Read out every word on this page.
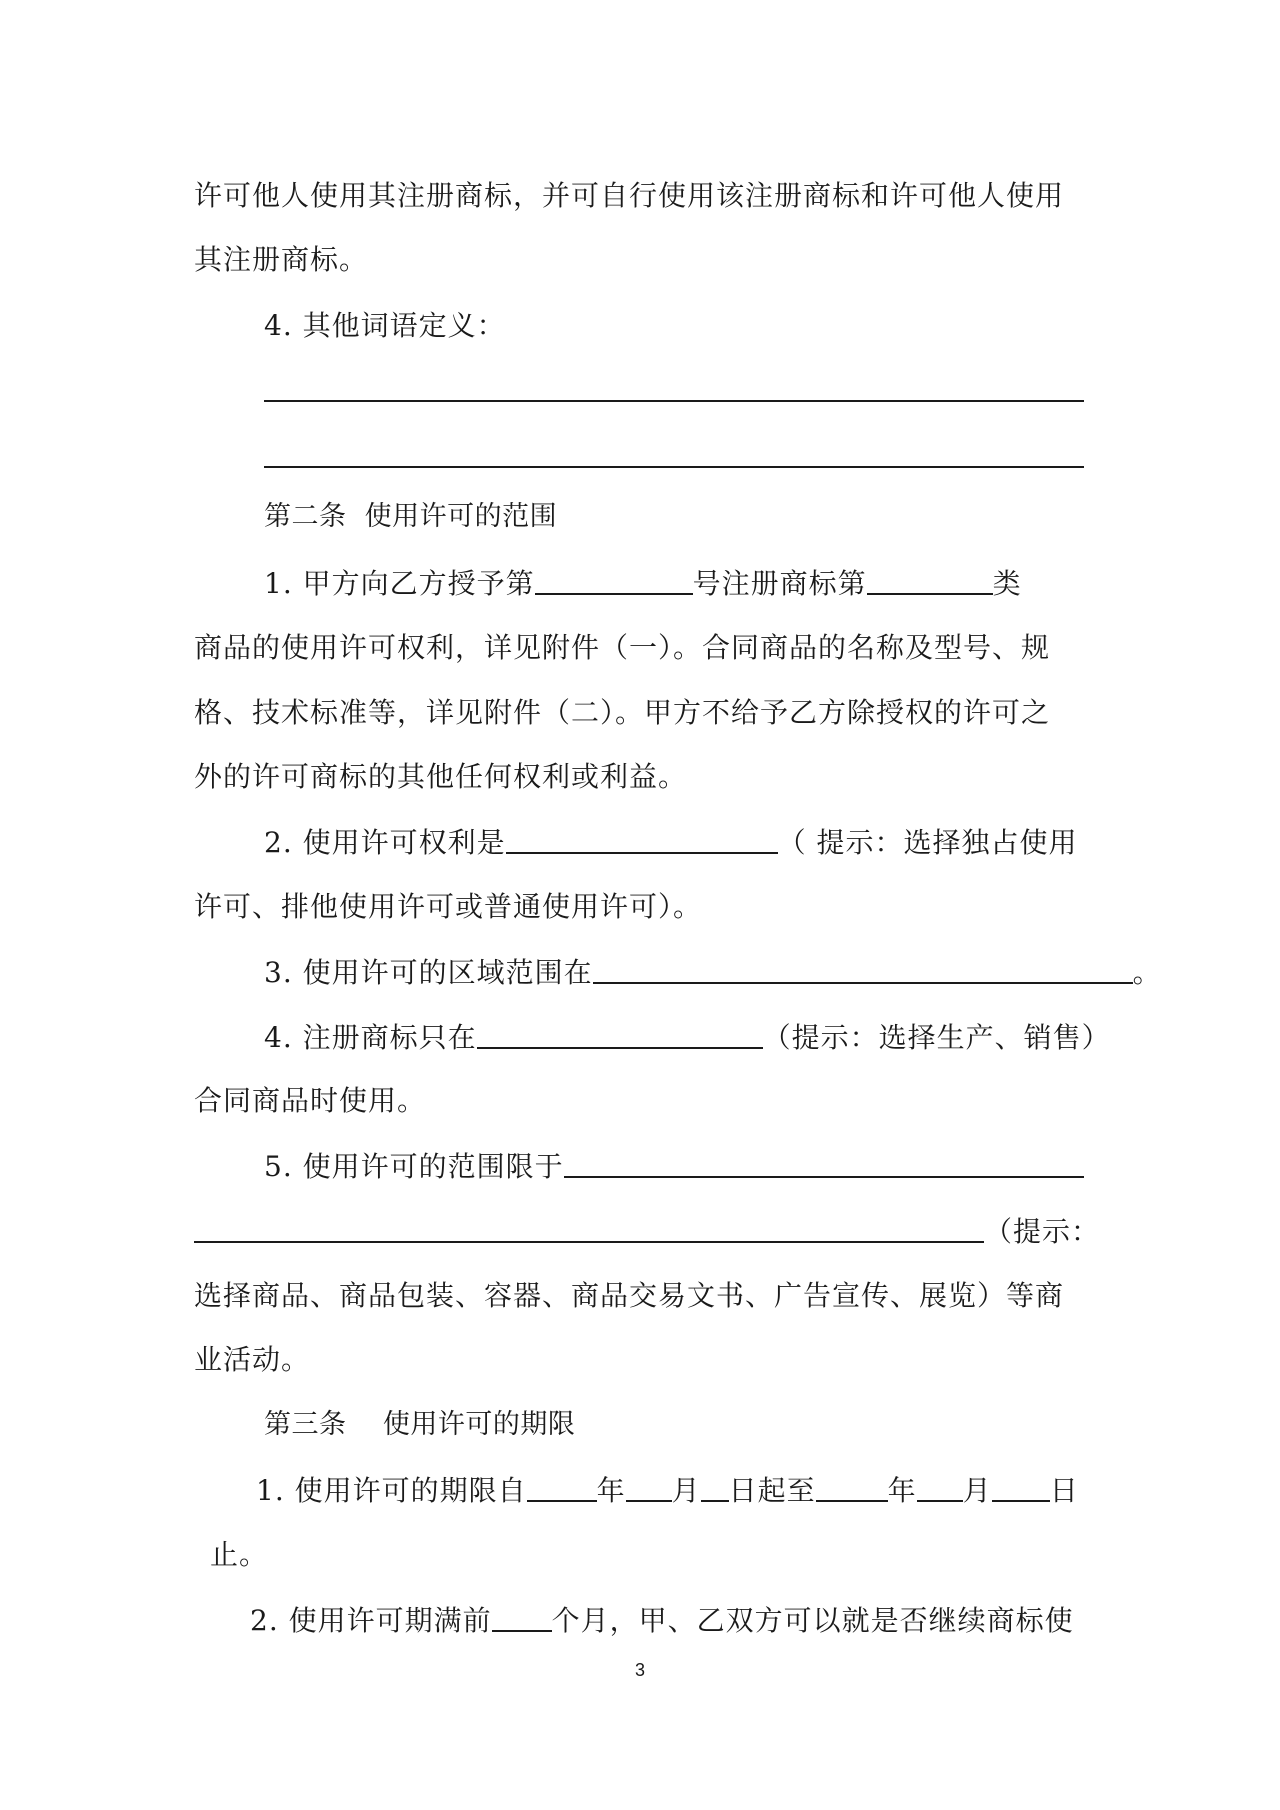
许可他人使用其注册商标，并可自行使用该注册商标和许可他人使用

其注册商标。

4. 其他词语定义：

第二条 使用许可的范围

1. 甲方向乙方授予第	号注册商标第	类

商品的使用许可权利，详见附件（一）。合同商品的名称及型号、规

格、技术标准等，详见附件（二）。甲方不给予乙方除授权的许可之

外的许可商标的其他任何权利或利益。

2. 使用许可权利是	（ 提示：选择独占使用

许可、排他使用许可或普通使用许可）。

3. 使用许可的区域范围在	。

4. 注册商标只在	（提示：选择生产、销售）

合同商品时使用。

5. 使用许可的范围限于

（提示：

选择商品、商品包装、容器、商品交易文书、广告宣传、展览）等商

业活动。

第三条 使用许可的期限

1. 使用许可的期限自	年 月 日起至	年 月 日

止。

2. 使用许可期满前 个月，甲、乙双方可以就是否继续商标使

3
